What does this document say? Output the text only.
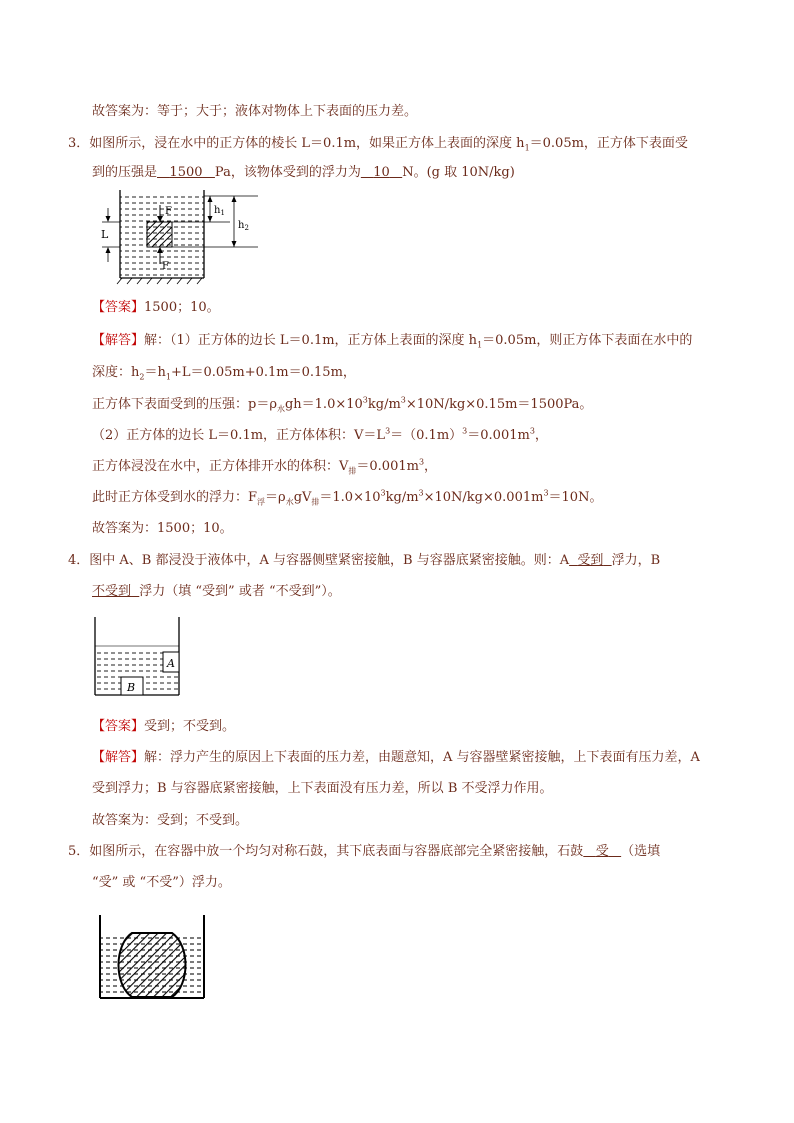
故答案为：等于；大于；液体对物体上下表面的压力差。
3．如图所示，浸在水中的正方体的棱长 L＝0.1m，如果正方体上表面的深度 $h_1=0.05m$，正方体下表面受
到的压强是 1500 Pa，该物体受到的浮力为 10 N。(g 取 10N/kg)
F
F
L
$h_1$
$h_2$
【答案】1500；10。
【解答】解：（1）正方体的边长 L＝0.1m，正方体上表面的深度 $h_1=0.05m$，则正方体下表面在水中的
深度：$h_2=h_1+L=0.05m+0.1m=0.15m$，
正方体下表面受到的压强：$p=\rho_水gh=1.0\times 10^3kg/m^3\times 10N/kg\times 0.15m=1500Pa$。
（2）正方体的边长 L＝0.1m，正方体体积：$V=L^3=(0.1m)^3=0.001m^3$，
正方体浸没在水中，正方体排开水的体积：$V_排=0.001m^3$，
此时正方体受到水的浮力：$F_浮=\rho_水gV_排=1.0\times 10^3kg/m^3\times 10N/kg\times 0.001m^3=10N$。
故答案为：1500；10。
4．图中 A、B 都浸没于液体中，A 与容器侧壁紧密接触，B 与容器底紧密接触。则：A 受到 浮力，B
不受到 浮力（填 “受到” 或者 “不受到”）。
A
B
【答案】受到；不受到。
【解答】解：浮力产生的原因上下表面的压力差，由题意知，A 与容器壁紧密接触，上下表面有压力差，A
受到浮力；B 与容器底紧密接触，上下表面没有压力差，所以 B 不受浮力作用。
故答案为：受到；不受到。
5．如图所示，在容器中放一个均匀对称石鼓，其下底表面与容器底部完全紧密接触，石鼓 受 （选填
“受” 或 “不受”）浮力。
